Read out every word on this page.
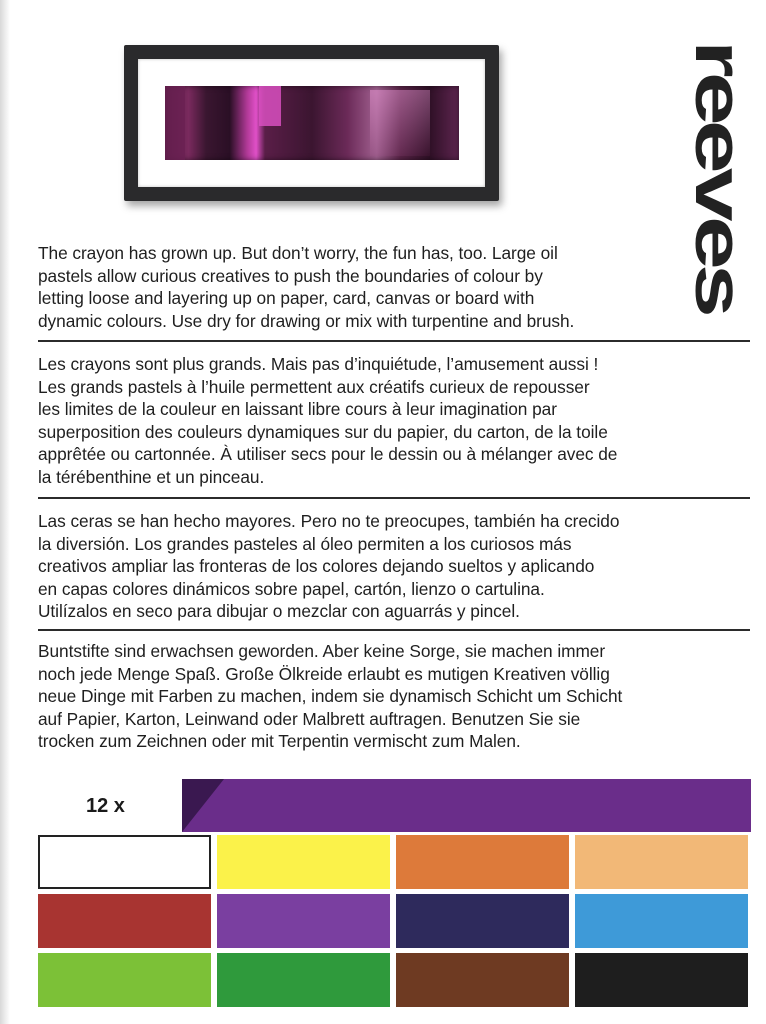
reeves
The crayon has grown up. But don’t worry, the fun has, too. Large oil
pastels allow curious creatives to push the boundaries of colour by
letting loose and layering up on paper, card, canvas or board with
dynamic colours. Use dry for drawing or mix with turpentine and brush.
Les crayons sont plus grands. Mais pas d’inquiétude, l’amusement aussi !
Les grands pastels à l’huile permettent aux créatifs curieux de repousser
les limites de la couleur en laissant libre cours à leur imagination par
superposition des couleurs dynamiques sur du papier, du carton, de la toile
apprêtée ou cartonnée. À utiliser secs pour le dessin ou à mélanger avec de
la térébenthine et un pinceau.
Las ceras se han hecho mayores. Pero no te preocupes, también ha crecido
la diversión. Los grandes pasteles al óleo permiten a los curiosos más
creativos ampliar las fronteras de los colores dejando sueltos y aplicando
en capas colores dinámicos sobre papel, cartón, lienzo o cartulina.
Utilízalos en seco para dibujar o mezclar con aguarrás y pincel.
Buntstifte sind erwachsen geworden. Aber keine Sorge, sie machen immer
noch jede Menge Spaß. Große Ölkreide erlaubt es mutigen Kreativen völlig
neue Dinge mit Farben zu machen, indem sie dynamisch Schicht um Schicht
auf Papier, Karton, Leinwand oder Malbrett auftragen. Benutzen Sie sie
trocken zum Zeichnen oder mit Terpentin vermischt zum Malen.
12 x
